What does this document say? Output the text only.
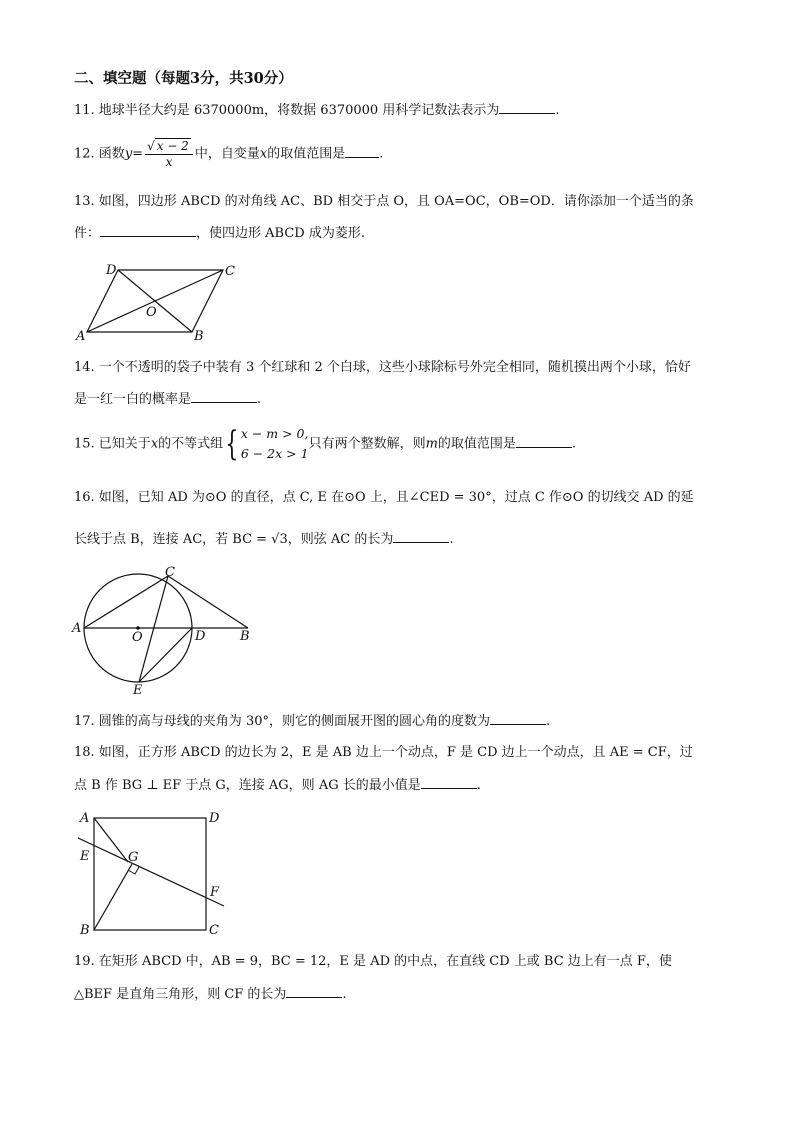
二、填空题（每题3分，共30分）
11. 地球半径大约是 6370000m，将数据 6370000 用科学记数法表示为	.
12. 函数$y= \frac{√ x - 2}{x}$ 中，自变量x的取值范围是	.
13. 如图，四边形 ABCD 的对角线 AC、BD 相交于点 O，且 OA=OC，OB=OD．请你添加一个适当的条
件：	，使四边形 ABCD 成为菱形.
A	B
C
D
O
14. 一个不透明的袋子中装有 3 个红球和 2 个白球，这些小球除标号外完全相同，随机摸出两个小球，恰好
是一红一白的概率是	.
15. 已知关于x的不等式组{ x − m > 0,
6 − 2x > 1
只有两个整数解，则m的取值范围是	.
16. 如图，已知 AD 为⊙O 的直径，点 C, E 在⊙O 上，且∠CED = 30°，过点 C 作⊙O 的切线交 AD 的延
长线于点 B，连接 AC，若 BC = √3，则弦 AC 的长为	.
A
B
C
D
E
O
17. 圆锥的高与母线的夹角为 30°，则它的侧面展开图的圆心角的度数为	.
18. 如图，正方形 ABCD 的边长为 2，E 是 AB 边上一个动点，F 是 CD 边上一个动点，且 AE = CF，过
点 B 作 BG ⊥ EF 于点 G，连接 AG，则 AG 长的最小值是	.
A
B	C
D
E
F
G
19. 在矩形 ABCD 中，AB = 9，BC = 12，E 是 AD 的中点，在直线 CD 上或 BC 边上有一点 F，使
△BEF 是直角三角形，则 CF 的长为	.
